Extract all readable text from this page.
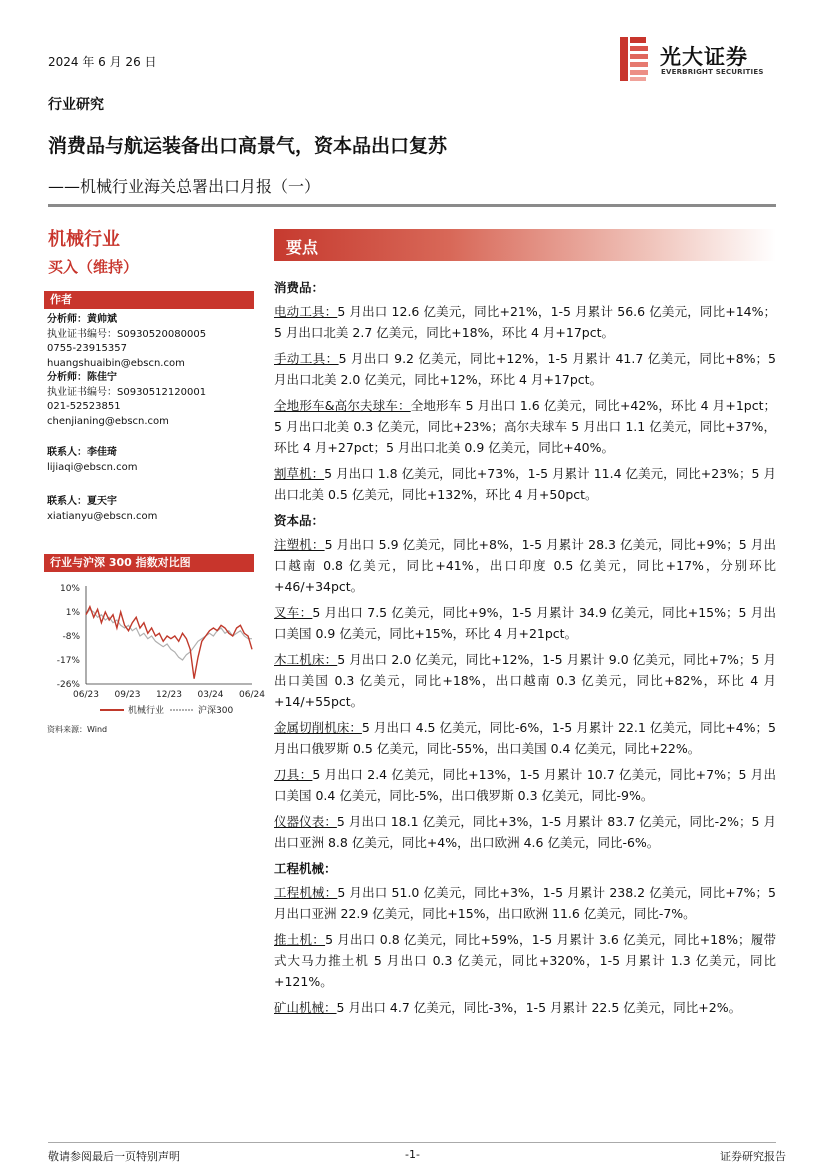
2024 年 6 月 26 日	光大证券
EVERBRIGHT SECURITIES
行业研究
消费品与航运装备出口高景气，资本品出口复苏
——机械行业海关总署出口月报（一）
机械行业
买入（维持）
作者
分析师：黄帅斌
执业证书编号：S0930520080005
0755-23915357
huangshuaibin@ebscn.com
分析师：陈佳宁
执业证书编号：S0930512120001
021-52523851
chenjianing@ebscn.com
联系人：李佳琦
lijiaqi@ebscn.com
联系人：夏天宇
xiatianyu@ebscn.com
行业与沪深 300 指数对比图
10%
1%
-8%
-17%
-26%
06/23 09/23 12/23 03/24 06/24
机械行业	沪深300
资料来源：Wind
要点
消费品：
电动工具：5 月出口 12.6 亿美元，同比+21%，1-5 月累计 56.6 亿美元，同比+14%；5 月出口北美 2.7 亿美元，同比+18%，环比 4 月+17pct。
手动工具：5 月出口 9.2 亿美元，同比+12%，1-5 月累计 41.7 亿美元，同比+8%；5 月出口北美 2.0 亿美元，同比+12%，环比 4 月+17pct。
全地形车&高尔夫球车：全地形车 5 月出口 1.6 亿美元，同比+42%，环比 4 月+1pct；5 月出口北美 0.3 亿美元，同比+23%；高尔夫球车 5 月出口 1.1 亿美元，同比+37%，环比 4 月+27pct；5 月出口北美 0.9 亿美元，同比+40%。
割草机：5 月出口 1.8 亿美元，同比+73%，1-5 月累计 11.4 亿美元，同比+23%；5 月出口北美 0.5 亿美元，同比+132%，环比 4 月+50pct。
资本品：
注塑机：5 月出口 5.9 亿美元，同比+8%，1-5 月累计 28.3 亿美元，同比+9%；5 月出口越南 0.8 亿美元，同比+41%，出口印度 0.5 亿美元，同比+17%，分别环比+46/+34pct。
叉车：5 月出口 7.5 亿美元，同比+9%，1-5 月累计 34.9 亿美元，同比+15%；5 月出口美国 0.9 亿美元，同比+15%，环比 4 月+21pct。
木工机床：5 月出口 2.0 亿美元，同比+12%，1-5 月累计 9.0 亿美元，同比+7%；5 月出口美国 0.3 亿美元，同比+18%，出口越南 0.3 亿美元，同比+82%，环比 4 月+14/+55pct。
金属切削机床：5 月出口 4.5 亿美元，同比-6%，1-5 月累计 22.1 亿美元，同比+4%；5 月出口俄罗斯 0.5 亿美元，同比-55%，出口美国 0.4 亿美元，同比+22%。
刀具：5 月出口 2.4 亿美元，同比+13%，1-5 月累计 10.7 亿美元，同比+7%；5 月出口美国 0.4 亿美元，同比-5%，出口俄罗斯 0.3 亿美元，同比-9%。
仪器仪表：5 月出口 18.1 亿美元，同比+3%，1-5 月累计 83.7 亿美元，同比-2%；5 月出口亚洲 8.8 亿美元，同比+4%，出口欧洲 4.6 亿美元，同比-6%。
工程机械：
工程机械：5 月出口 51.0 亿美元，同比+3%，1-5 月累计 238.2 亿美元，同比+7%；5 月出口亚洲 22.9 亿美元，同比+15%，出口欧洲 11.6 亿美元，同比-7%。
推土机：5 月出口 0.8 亿美元，同比+59%，1-5 月累计 3.6 亿美元，同比+18%；履带式大马力推土机 5 月出口 0.3 亿美元，同比+320%，1-5 月累计 1.3 亿美元，同比+121%。
矿山机械：5 月出口 4.7 亿美元，同比-3%，1-5 月累计 22.5 亿美元，同比+2%。
敬请参阅最后一页特别声明	-1-	证券研究报告
